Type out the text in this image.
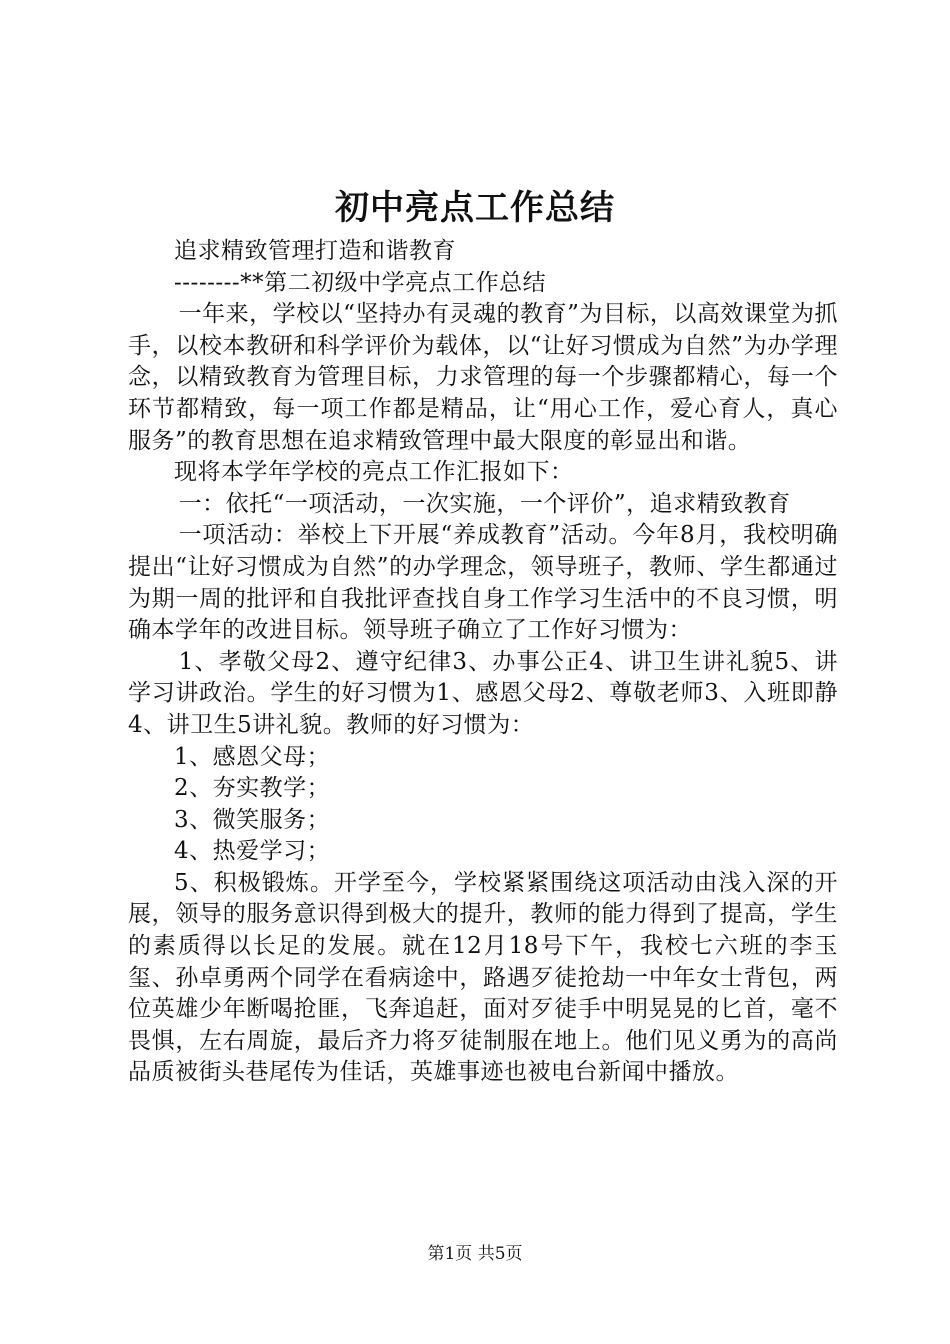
初中亮点工作总结

追求精致管理打造和谐教育

--------**第二初级中学亮点工作总结

一年来，学校以“坚持办有灵魂的教育”为目标，以高效课堂为抓手，以校本教研和科学评价为载体，以“让好习惯成为自然”为办学理念，以精致教育为管理目标，力求管理的每一个步骤都精心，每一个环节都精致，每一项工作都是精品，让“用心工作，爱心育人，真心服务”的教育思想在追求精致管理中最大限度的彰显出和谐。

现将本学年学校的亮点工作汇报如下：

一：依托“一项活动，一次实施，一个评价”，追求精致教育

一项活动：举校上下开展“养成教育”活动。今年8月，我校明确提出“让好习惯成为自然”的办学理念，领导班子，教师、学生都通过为期一周的批评和自我批评查找自身工作学习生活中的不良习惯，明确本学年的改进目标。领导班子确立了工作好习惯为：

1、孝敬父母2、遵守纪律3、办事公正4、讲卫生讲礼貌5、讲学习讲政治。学生的好习惯为1、感恩父母2、尊敬老师3、入班即静4、讲卫生5讲礼貌。教师的好习惯为：

1、感恩父母；

2、夯实教学；

3、微笑服务；

4、热爱学习；

5、积极锻炼。开学至今，学校紧紧围绕这项活动由浅入深的开展，领导的服务意识得到极大的提升，教师的能力得到了提高，学生的素质得以长足的发展。就在12月18号下午，我校七六班的李玉玺、孙卓勇两个同学在看病途中，路遇歹徒抢劫一中年女士背包，两位英雄少年断喝抢匪，飞奔追赶，面对歹徒手中明晃晃的匕首，毫不畏惧，左右周旋，最后齐力将歹徒制服在地上。他们见义勇为的高尚品质被街头巷尾传为佳话，英雄事迹也被电台新闻中播放。

第1页 共5页
